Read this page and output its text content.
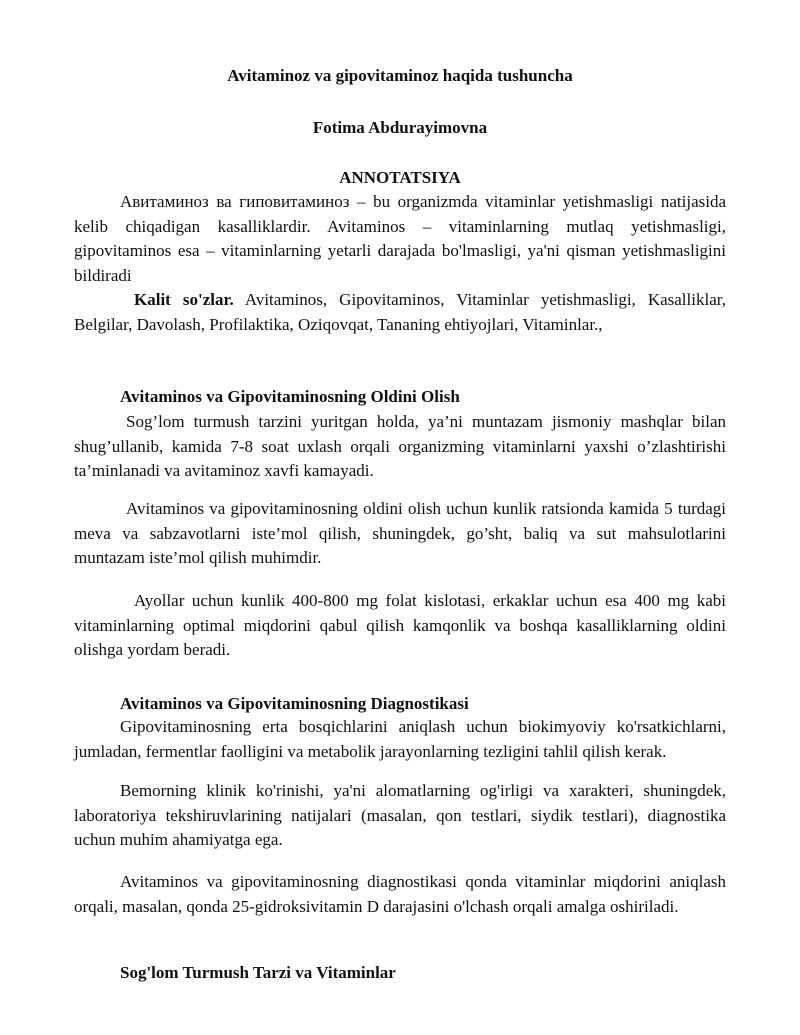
Avitaminoz va gipovitaminoz haqida tushuncha

Fotima Abdurayimovna

ANNOTATSIYA

Авитаминоз ва гиповитаминоз – bu organizmda vitaminlar yetishmasligi natijasida kelib chiqadigan kasalliklardir. Avitaminos – vitaminlarning mutlaq yetishmasligi, gipovitaminos esa – vitaminlarning yetarli darajada bo'lmasligi, ya'ni qisman yetishmasligini bildiradi

Kalit so'zlar. Avitaminos, Gipovitaminos, Vitaminlar yetishmasligi, Kasalliklar, Belgilar, Davolash, Profilaktika, Oziqovqat, Tananing ehtiyojlari, Vitaminlar.,

Avitaminos va Gipovitaminosning Oldini Olish

Sog’lom turmush tarzini yuritgan holda, ya’ni muntazam jismoniy mashqlar bilan shug’ullanib, kamida 7-8 soat uxlash orqali organizming vitaminlarni yaxshi o’zlashtirishi ta’minlanadi va avitaminoz xavfi kamayadi.

Avitaminos va gipovitaminosning oldini olish uchun kunlik ratsionda kamida 5 turdagi meva va sabzavotlarni iste’mol qilish, shuningdek, go’sht, baliq va sut mahsulotlarini muntazam iste’mol qilish muhimdir.

Ayollar uchun kunlik 400-800 mg folat kislotasi, erkaklar uchun esa 400 mg kabi vitaminlarning optimal miqdorini qabul qilish kamqonlik va boshqa kasalliklarning oldini olishga yordam beradi.

Avitaminos va Gipovitaminosning Diagnostikasi

Gipovitaminosning erta bosqichlarini aniqlash uchun biokimyoviy ko'rsatkichlarni, jumladan, fermentlar faolligini va metabolik jarayonlarning tezligini tahlil qilish kerak.

Bemorning klinik ko'rinishi, ya'ni alomatlarning og'irligi va xarakteri, shuningdek, laboratoriya tekshiruvlarining natijalari (masalan, qon testlari, siydik testlari), diagnostika uchun muhim ahamiyatga ega.

Avitaminos va gipovitaminosning diagnostikasi qonda vitaminlar miqdorini aniqlash orqali, masalan, qonda 25-gidroksivitamin D darajasini o'lchash orqali amalga oshiriladi.

Sog'lom Turmush Tarzi va Vitaminlar
